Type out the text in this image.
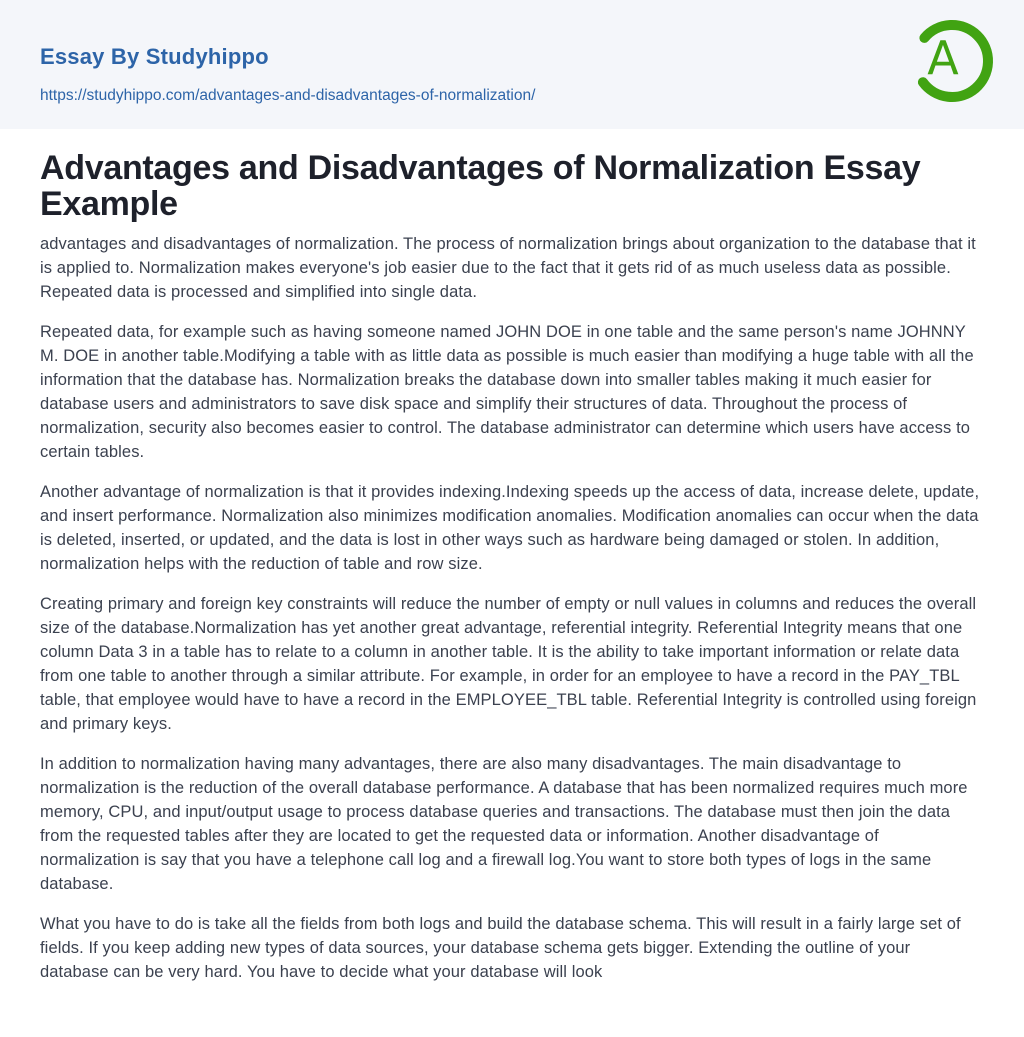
Essay By Studyhippo
https://studyhippo.com/advantages-and-disadvantages-of-normalization/
A
Advantages and Disadvantages of Normalization Essay Example

advantages and disadvantages of normalization. The process of normalization brings about organization to the database that it is applied to. Normalization makes everyone's job easier due to the fact that it gets rid of as much useless data as possible. Repeated data is processed and simplified into single data.

Repeated data, for example such as having someone named JOHN DOE in one table and the same person's name JOHNNY M. DOE in another table.Modifying a table with as little data as possible is much easier than modifying a huge table with all the information that the database has. Normalization breaks the database down into smaller tables making it much easier for database users and administrators to save disk space and simplify their structures of data. Throughout the process of normalization, security also becomes easier to control. The database administrator can determine which users have access to certain tables.

Another advantage of normalization is that it provides indexing.Indexing speeds up the access of data, increase delete, update, and insert performance. Normalization also minimizes modification anomalies. Modification anomalies can occur when the data is deleted, inserted, or updated, and the data is lost in other ways such as hardware being damaged or stolen. In addition, normalization helps with the reduction of table and row size.

Creating primary and foreign key constraints will reduce the number of empty or null values in columns and reduces the overall size of the database.Normalization has yet another great advantage, referential integrity. Referential Integrity means that one column Data 3 in a table has to relate to a column in another table. It is the ability to take important information or relate data from one table to another through a similar attribute. For example, in order for an employee to have a record in the PAY_TBL table, that employee would have to have a record in the EMPLOYEE_TBL table. Referential Integrity is controlled using foreign and primary keys.

In addition to normalization having many advantages, there are also many disadvantages. The main disadvantage to normalization is the reduction of the overall database performance. A database that has been normalized requires much more memory, CPU, and input/output usage to process database queries and transactions. The database must then join the data from the requested tables after they are located to get the requested data or information. Another disadvantage of normalization is say that you have a telephone call log and a firewall log.You want to store both types of logs in the same database.

What you have to do is take all the fields from both logs and build the database schema. This will result in a fairly large set of fields. If you keep adding new types of data sources, your database schema gets bigger. Extending the outline of your database can be very hard. You have to decide what your database will look
